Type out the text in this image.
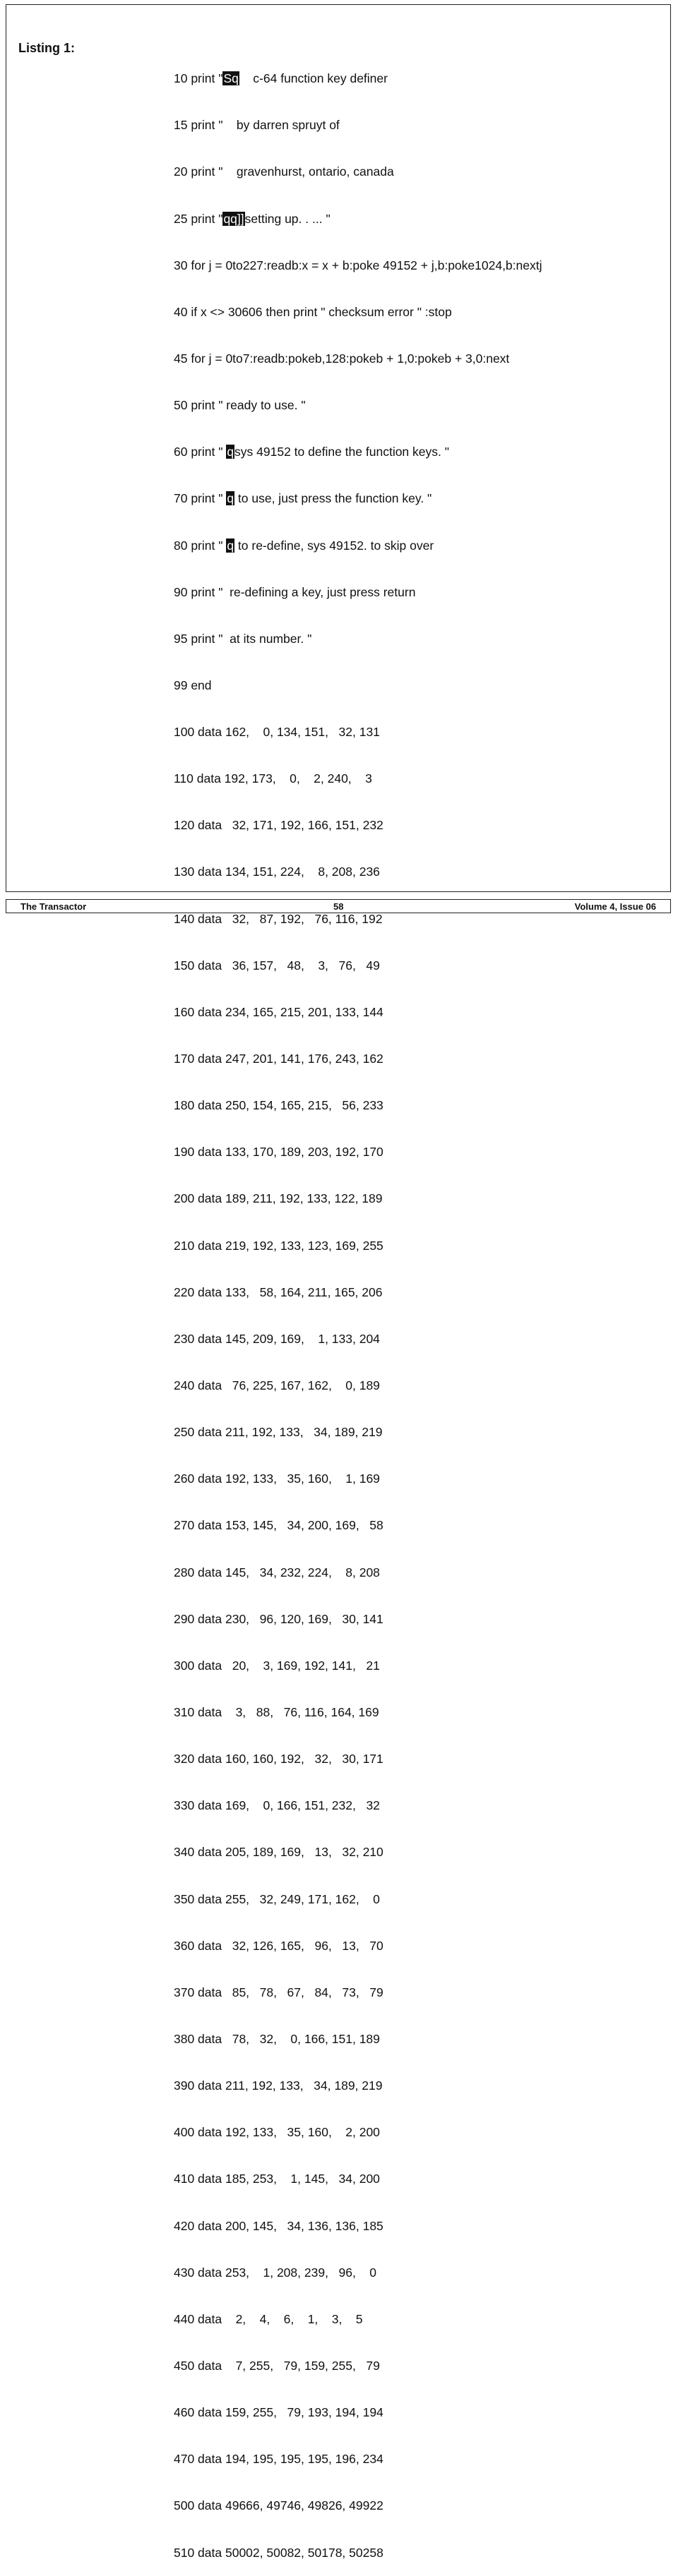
Listing 1:

10 print "Sq    c-64 function key definer

15 print "    by darren spruyt of

20 print "    gravenhurst, ontario, canada

25 print "qq]]setting up. . ... "

30 for j = 0to227:readb:x = x + b:poke 49152 + j,b:poke1024,b:nextj

40 if x <> 30606 then print " checksum error " :stop

45 for j = 0to7:readb:pokeb,128:pokeb + 1,0:pokeb + 3,0:next

50 print " ready to use. "

60 print " qsys 49152 to define the function keys. "

70 print " q to use, just press the function key. "

80 print " q to re-define, sys 49152. to skip over

90 print "  re-defining a key, just press return

95 print "  at its number. "

99 end

100 data 162,    0, 134, 151,   32, 131

110 data 192, 173,    0,    2, 240,    3

120 data   32, 171, 192, 166, 151, 232

130 data 134, 151, 224,    8, 208, 236

140 data   32,   87, 192,   76, 116, 192

150 data   36, 157,   48,    3,   76,   49

160 data 234, 165, 215, 201, 133, 144

170 data 247, 201, 141, 176, 243, 162

180 data 250, 154, 165, 215,   56, 233

190 data 133, 170, 189, 203, 192, 170

200 data 189, 211, 192, 133, 122, 189

210 data 219, 192, 133, 123, 169, 255

220 data 133,   58, 164, 211, 165, 206

230 data 145, 209, 169,    1, 133, 204

240 data   76, 225, 167, 162,    0, 189

250 data 211, 192, 133,   34, 189, 219

260 data 192, 133,   35, 160,    1, 169

270 data 153, 145,   34, 200, 169,   58

280 data 145,   34, 232, 224,    8, 208

290 data 230,   96, 120, 169,   30, 141

300 data   20,    3, 169, 192, 141,   21

310 data    3,   88,   76, 116, 164, 169

320 data 160, 160, 192,   32,   30, 171

330 data 169,    0, 166, 151, 232,   32

340 data 205, 189, 169,   13,   32, 210

350 data 255,   32, 249, 171, 162,    0

360 data   32, 126, 165,   96,   13,   70

370 data   85,   78,   67,   84,   73,   79

380 data   78,   32,    0, 166, 151, 189

390 data 211, 192, 133,   34, 189, 219

400 data 192, 133,   35, 160,    2, 200

410 data 185, 253,    1, 145,   34, 200

420 data 200, 145,   34, 136, 136, 185

430 data 253,    1, 208, 239,   96,    0

440 data    2,    4,    6,    1,    3,    5

450 data    7, 255,   79, 159, 255,   79

460 data 159, 255,   79, 193, 194, 194

470 data 194, 195, 195, 195, 196, 234

500 data 49666, 49746, 49826, 49922

510 data 50002, 50082, 50178, 50258

The Transactor	58	Volume 4, Issue 06
